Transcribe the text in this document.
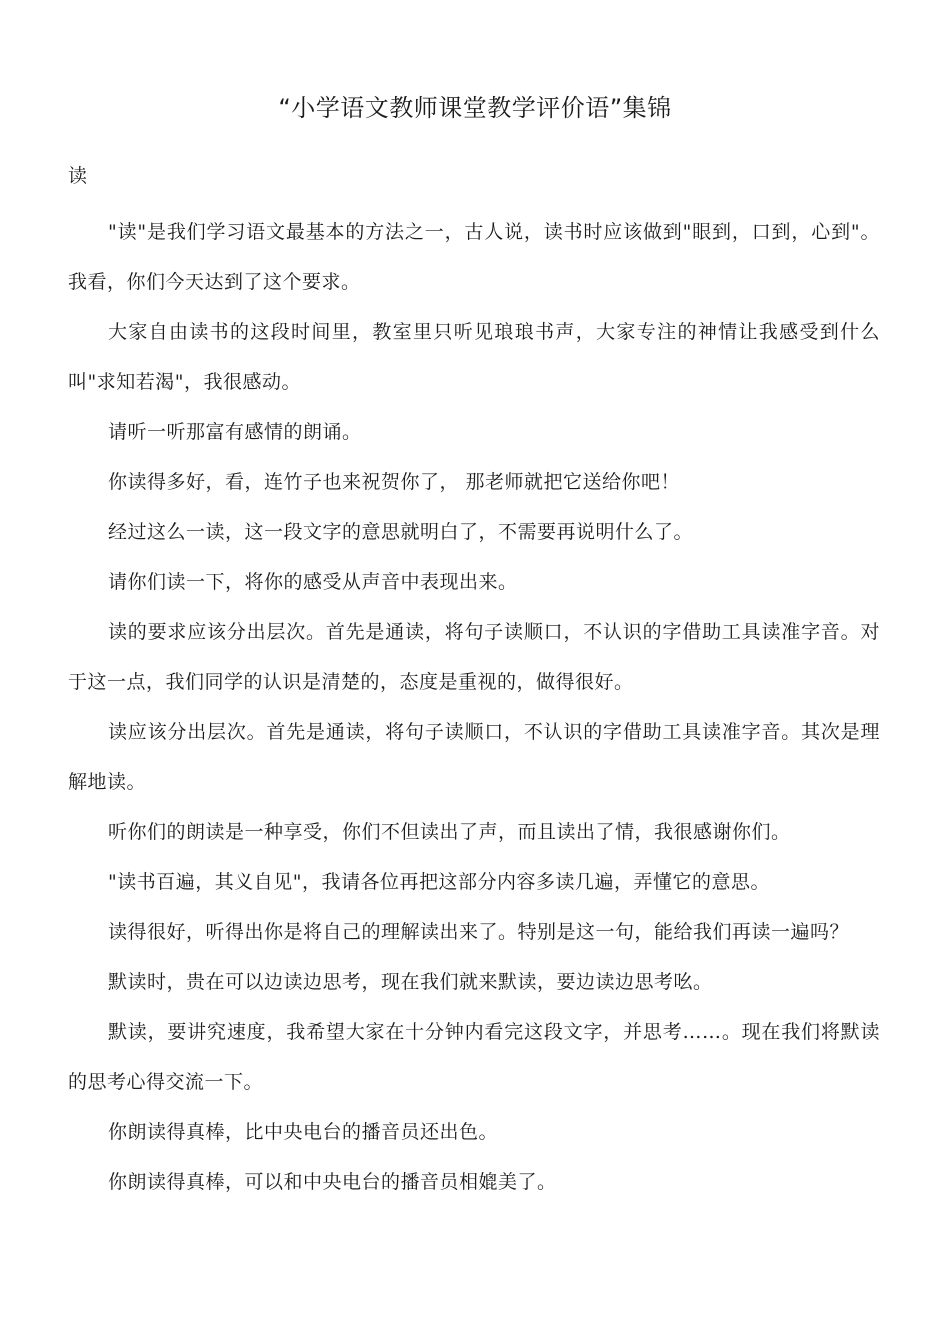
“小学语文教师课堂教学评价语”集锦
读

"读"是我们学习语文最基本的方法之一，古人说，读书时应该做到"眼到，口到，心到"。我看，你们今天达到了这个要求。

大家自由读书的这段时间里，教室里只听见琅琅书声，大家专注的神情让我感受到什么叫"求知若渴"，我很感动。

请听一听那富有感情的朗诵。

你读得多好，看，连竹子也来祝贺你了， 那老师就把它送给你吧！

经过这么一读，这一段文字的意思就明白了，不需要再说明什么了。

请你们读一下，将你的感受从声音中表现出来。

读的要求应该分出层次。首先是通读，将句子读顺口，不认识的字借助工具读准字音。对于这一点，我们同学的认识是清楚的，态度是重视的，做得很好。

读应该分出层次。首先是通读，将句子读顺口，不认识的字借助工具读准字音。其次是理解地读。

听你们的朗读是一种享受，你们不但读出了声，而且读出了情，我很感谢你们。

"读书百遍，其义自见"，我请各位再把这部分内容多读几遍，弄懂它的意思。

读得很好，听得出你是将自己的理解读出来了。特别是这一句，能给我们再读一遍吗？

默读时，贵在可以边读边思考，现在我们就来默读，要边读边思考吆。

默读，要讲究速度，我希望大家在十分钟内看完这段文字，并思考……。现在我们将默读的思考心得交流一下。

你朗读得真棒，比中央电台的播音员还出色。

你朗读得真棒，可以和中央电台的播音员相媲美了。
